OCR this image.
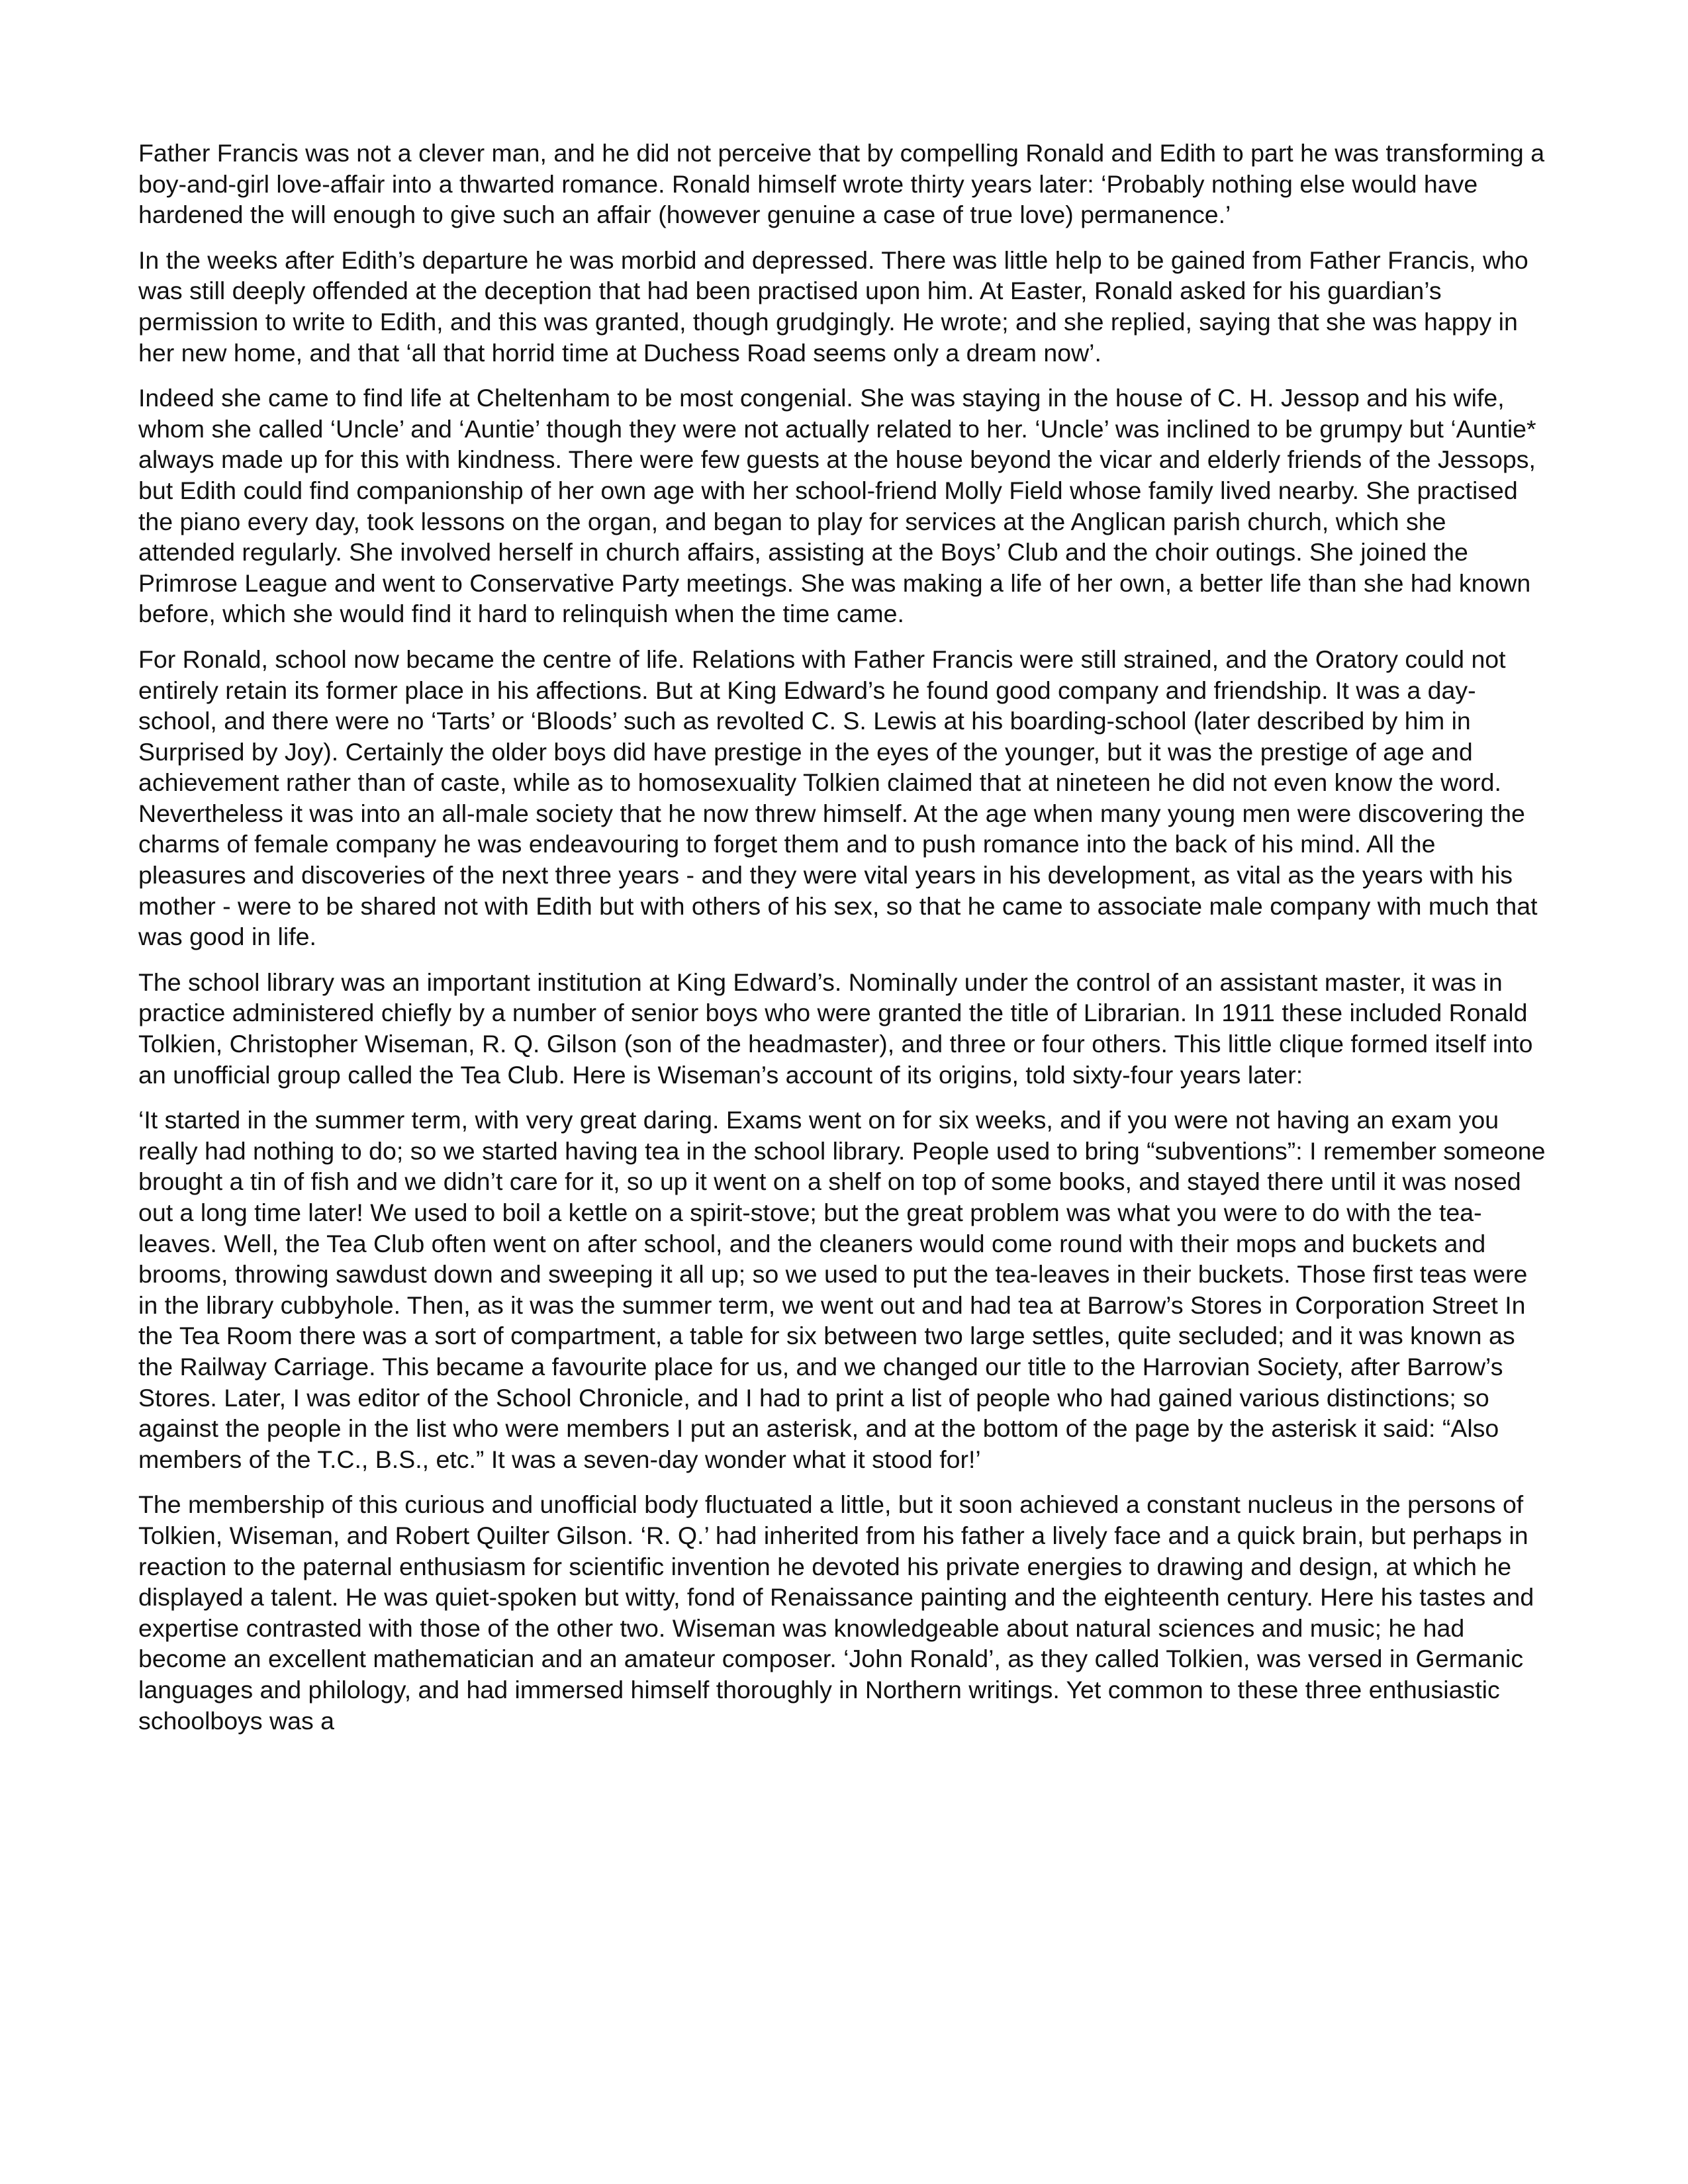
Father Francis was not a clever man, and he did not perceive that by compelling Ronald and Edith to part he was transforming a boy-and-girl love-affair into a thwarted romance. Ronald himself wrote thirty years later: ‘Probably nothing else would have hardened the will enough to give such an affair (however genuine a case of true love) permanence.’

In the weeks after Edith’s departure he was morbid and depressed. There was little help to be gained from Father Francis, who was still deeply offended at the deception that had been practised upon him. At Easter, Ronald asked for his guardian’s permission to write to Edith, and this was granted, though grudgingly. He wrote; and she replied, saying that she was happy in her new home, and that ‘all that horrid time at Duchess Road seems only a dream now’.

Indeed she came to find life at Cheltenham to be most congenial. She was staying in the house of C. H. Jessop and his wife, whom she called ‘Uncle’ and ‘Auntie’ though they were not actually related to her. ‘Uncle’ was inclined to be grumpy but ‘Auntie* always made up for this with kindness. There were few guests at the house beyond the vicar and elderly friends of the Jessops, but Edith could find companionship of her own age with her school-friend Molly Field whose family lived nearby. She practised the piano every day, took lessons on the organ, and began to play for services at the Anglican parish church, which she attended regularly. She involved herself in church affairs, assisting at the Boys’ Club and the choir outings. She joined the Primrose League and went to Conservative Party meetings. She was making a life of her own, a better life than she had known before, which she would find it hard to relinquish when the time came.

For Ronald, school now became the centre of life. Relations with Father Francis were still strained, and the Oratory could not entirely retain its former place in his affections. But at King Edward’s he found good company and friendship. It was a day-school, and there were no ‘Tarts’ or ‘Bloods’ such as revolted C. S. Lewis at his boarding-school (later described by him in Surprised by Joy). Certainly the older boys did have prestige in the eyes of the younger, but it was the prestige of age and achievement rather than of caste, while as to homosexuality Tolkien claimed that at nineteen he did not even know the word. Nevertheless it was into an all-male society that he now threw himself. At the age when many young men were discovering the charms of female company he was endeavouring to forget them and to push romance into the back of his mind. All the pleasures and discoveries of the next three years - and they were vital years in his development, as vital as the years with his mother - were to be shared not with Edith but with others of his sex, so that he came to associate male company with much that was good in life.

The school library was an important institution at King Edward’s. Nominally under the control of an assistant master, it was in practice administered chiefly by a number of senior boys who were granted the title of Librarian. In 1911 these included Ronald Tolkien, Christopher Wiseman, R. Q. Gilson (son of the headmaster), and three or four others. This little clique formed itself into an unofficial group called the Tea Club. Here is Wiseman’s account of its origins, told sixty-four years later:

‘It started in the summer term, with very great daring. Exams went on for six weeks, and if you were not having an exam you really had nothing to do; so we started having tea in the school library. People used to bring “subventions”: I remember someone brought a tin of fish and we didn’t care for it, so up it went on a shelf on top of some books, and stayed there until it was nosed out a long time later! We used to boil a kettle on a spirit-stove; but the great problem was what you were to do with the tea-leaves. Well, the Tea Club often went on after school, and the cleaners would come round with their mops and buckets and brooms, throwing sawdust down and sweeping it all up; so we used to put the tea-leaves in their buckets. Those first teas were in the library cubbyhole. Then, as it was the summer term, we went out and had tea at Barrow’s Stores in Corporation Street In the Tea Room there was a sort of compartment, a table for six between two large settles, quite secluded; and it was known as the Railway Carriage. This became a favourite place for us, and we changed our title to the Harrovian Society, after Barrow’s Stores. Later, I was editor of the School Chronicle, and I had to print a list of people who had gained various distinctions; so against the people in the list who were members I put an asterisk, and at the bottom of the page by the asterisk it said: “Also members of the T.C., B.S., etc.” It was a seven-day wonder what it stood for!’

The membership of this curious and unofficial body fluctuated a little, but it soon achieved a constant nucleus in the persons of Tolkien, Wiseman, and Robert Quilter Gilson. ‘R. Q.’ had inherited from his father a lively face and a quick brain, but perhaps in reaction to the paternal enthusiasm for scientific invention he devoted his private energies to drawing and design, at which he displayed a talent. He was quiet-spoken but witty, fond of Renaissance painting and the eighteenth century. Here his tastes and expertise contrasted with those of the other two. Wiseman was knowledgeable about natural sciences and music; he had become an excellent mathematician and an amateur composer. ‘John Ronald’, as they called Tolkien, was versed in Germanic languages and philology, and had immersed himself thoroughly in Northern writings. Yet common to these three enthusiastic schoolboys was a
